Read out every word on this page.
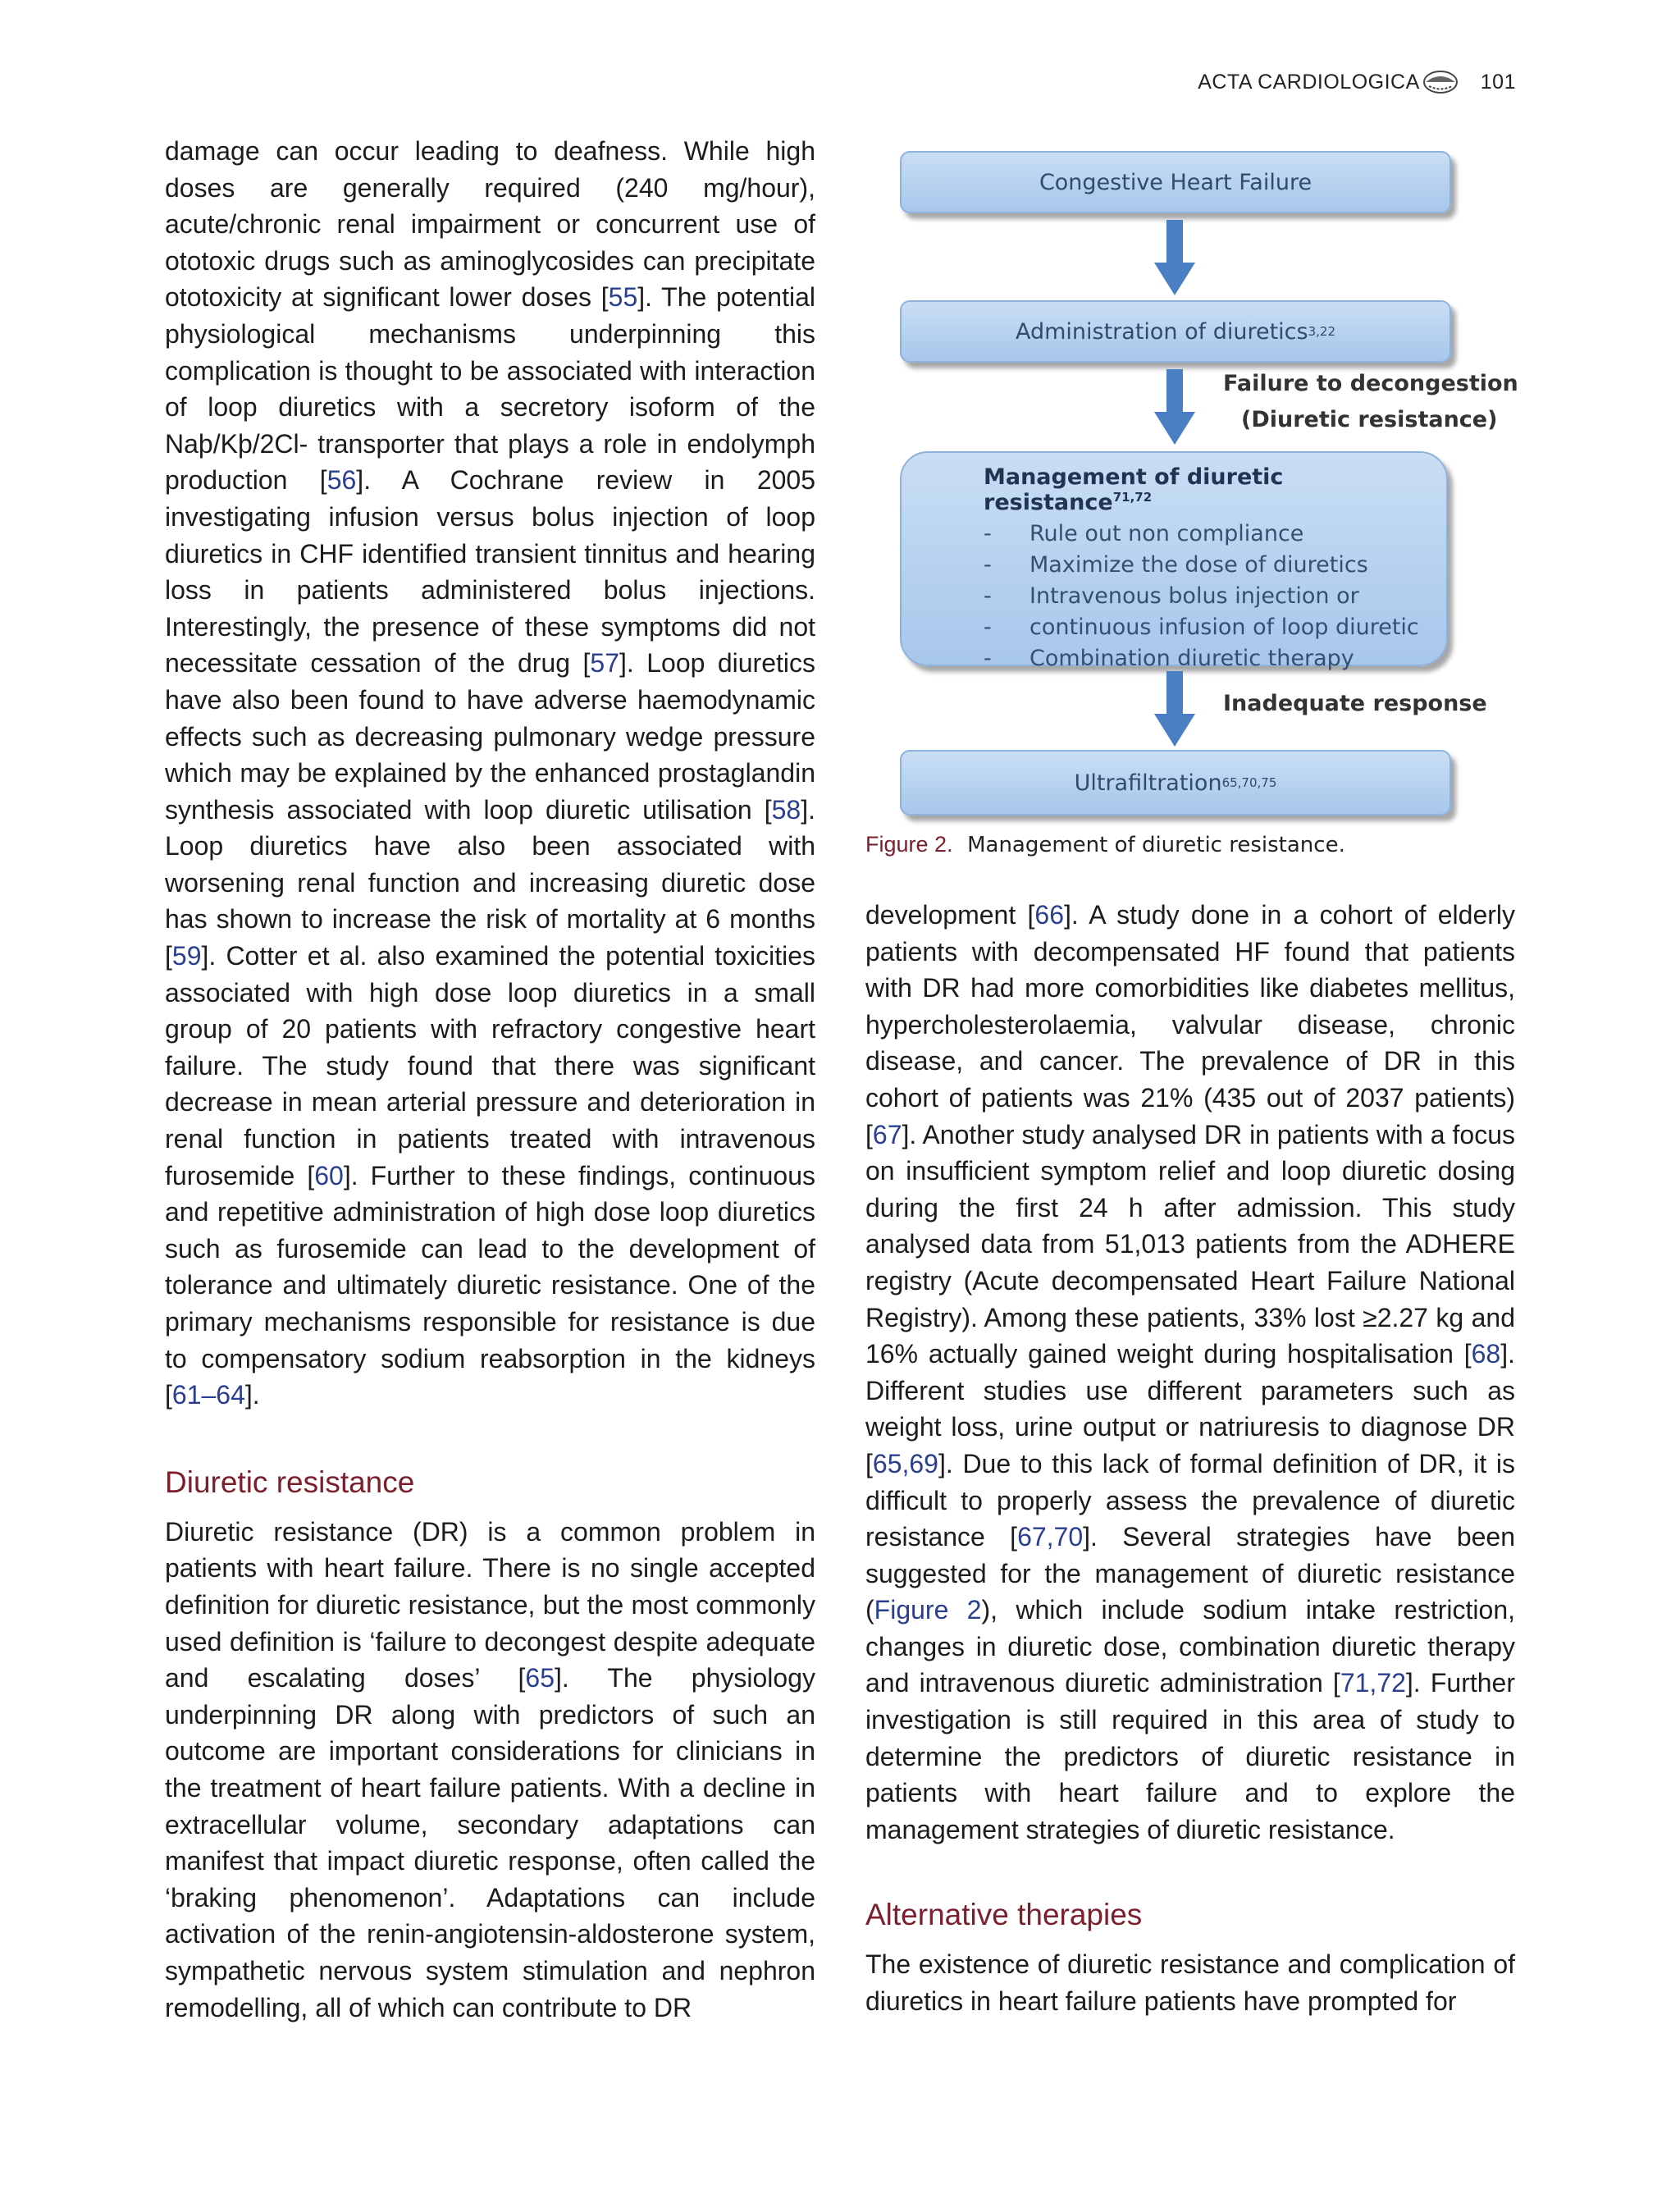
ACTA CARDIOLOGICA	101

damage can occur leading to deafness. While high doses are generally required (240 mg/hour), acute/chronic renal impairment or concurrent use of ototoxic drugs such as aminoglycosides can precipitate ototoxicity at significant lower doses [55]. The potential physiological mechanisms underpinning this complication is thought to be associated with interaction of loop diuretics with a secretory isoform of the Naþ/Kþ/2Cl- transporter that plays a role in endolymph production [56]. A Cochrane review in 2005 investigating infusion versus bolus injection of loop diuretics in CHF identified transient tinnitus and hearing loss in patients administered bolus injections. Interestingly, the presence of these symptoms did not necessitate cessation of the drug [57]. Loop diuretics have also been found to have adverse haemodynamic effects such as decreasing pulmonary wedge pressure which may be explained by the enhanced prostaglandin synthesis associated with loop diuretic utilisation [58]. Loop diuretics have also been associated with worsening renal function and increasing diuretic dose has shown to increase the risk of mortality at 6 months [59]. Cotter et al. also examined the potential toxicities associated with high dose loop diuretics in a small group of 20 patients with refractory congestive heart failure. The study found that there was significant decrease in mean arterial pressure and deterioration in renal function in patients treated with intravenous furosemide [60]. Further to these findings, continuous and repetitive administration of high dose loop diuretics such as furosemide can lead to the development of tolerance and ultimately diuretic resistance. One of the primary mechanisms responsible for resistance is due to compensatory sodium reabsorption in the kidneys [61–64].

Diuretic resistance

Diuretic resistance (DR) is a common problem in patients with heart failure. There is no single accepted definition for diuretic resistance, but the most commonly used definition is ‘failure to decongest despite adequate and escalating doses’ [65]. The physiology underpinning DR along with predictors of such an outcome are important considerations for clinicians in the treatment of heart failure patients. With a decline in extracellular volume, secondary adaptations can manifest that impact diuretic response, often called the ‘braking phenomenon’. Adaptations can include activation of the renin-angiotensin-aldosterone system, sympathetic nervous system stimulation and nephron remodelling, all of which can contribute to DR

Congestive Heart Failure
Administration of diuretics 3,22
Failure to decongestion
(Diuretic resistance)
Management of diuretic resistance$^{71,72}$
- Rule out non compliance
- Maximize the dose of diuretics
- Intravenous bolus injection or
- continuous infusion of loop diuretic
- Combination diuretic therapy
Inadequate response
Ultrafiltration 65,70,75
Figure 2. Management of diuretic resistance.

development [66]. A study done in a cohort of elderly patients with decompensated HF found that patients with DR had more comorbidities like diabetes mellitus, hypercholesterolaemia, valvular disease, chronic disease, and cancer. The prevalence of DR in this cohort of patients was 21% (435 out of 2037 patients) [67]. Another study analysed DR in patients with a focus on insufficient symptom relief and loop diuretic dosing during the first 24 h after admission. This study analysed data from 51,013 patients from the ADHERE registry (Acute decompensated Heart Failure National Registry). Among these patients, 33% lost ≥2.27 kg and 16% actually gained weight during hospitalisation [68]. Different studies use different parameters such as weight loss, urine output or natriuresis to diagnose DR [65,69]. Due to this lack of formal definition of DR, it is difficult to properly assess the prevalence of diuretic resistance [67,70]. Several strategies have been suggested for the management of diuretic resistance (Figure 2), which include sodium intake restriction, changes in diuretic dose, combination diuretic therapy and intravenous diuretic administration [71,72]. Further investigation is still required in this area of study to determine the predictors of diuretic resistance in patients with heart failure and to explore the management strategies of diuretic resistance.

Alternative therapies

The existence of diuretic resistance and complication of diuretics in heart failure patients have prompted for
